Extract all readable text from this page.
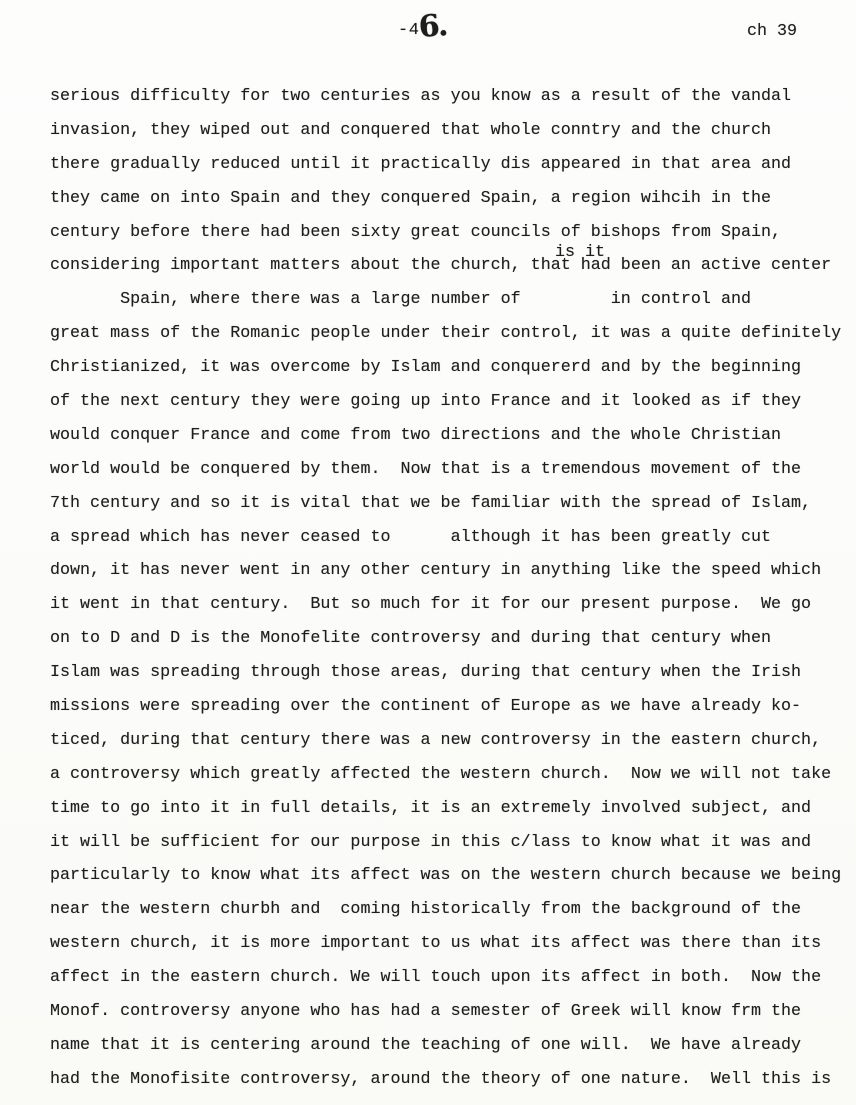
-46.	ch 39
is it
serious difficulty for two centuries as you know as a result of the vandal
invasion, they wiped out and conquered that whole conntry and the church
there gradually reduced until it practically dis appeared in that area and
they came on into Spain and they conquered Spain, a region wihcih in the
century before there had been sixty great councils of bishops from Spain,
considering important matters about the church, that had been an active center
Spain, where there was a large number of         in control and
great mass of the Romanic people under their control, it was a quite definitely
Christianized, it was overcome by Islam and conquererd and by the beginning
of the next century they were going up into France and it looked as if they
would conquer France and come from two directions and the whole Christian
world would be conquered by them.  Now that is a tremendous movement of the
7th century and so it is vital that we be familiar with the spread of Islam,
a spread which has never ceased to      although it has been greatly cut
down, it has never went in any other century in anything like the speed which
it went in that century.  But so much for it for our present purpose.  We go
on to D and D is the Monofelite controversy and during that century when
Islam was spreading through those areas, during that century when the Irish
missions were spreading over the continent of Europe as we have already ko-
ticed, during that century there was a new controversy in the eastern church,
a controversy which greatly affected the western church.  Now we will not take
time to go into it in full details, it is an extremely involved subject, and
it will be sufficient for our purpose in this c/lass to know what it was and
particularly to know what its affect was on the western church because we being
near the western churbh and  coming historically from the background of the
western church, it is more important to us what its affect was there than its
affect in the eastern church. We will touch upon its affect in both.  Now the
Monof. controversy anyone who has had a semester of Greek will know frm the
name that it is centering around the teaching of one will.  We have already
had the Monofisite controversy, around the theory of one nature.  Well this is
